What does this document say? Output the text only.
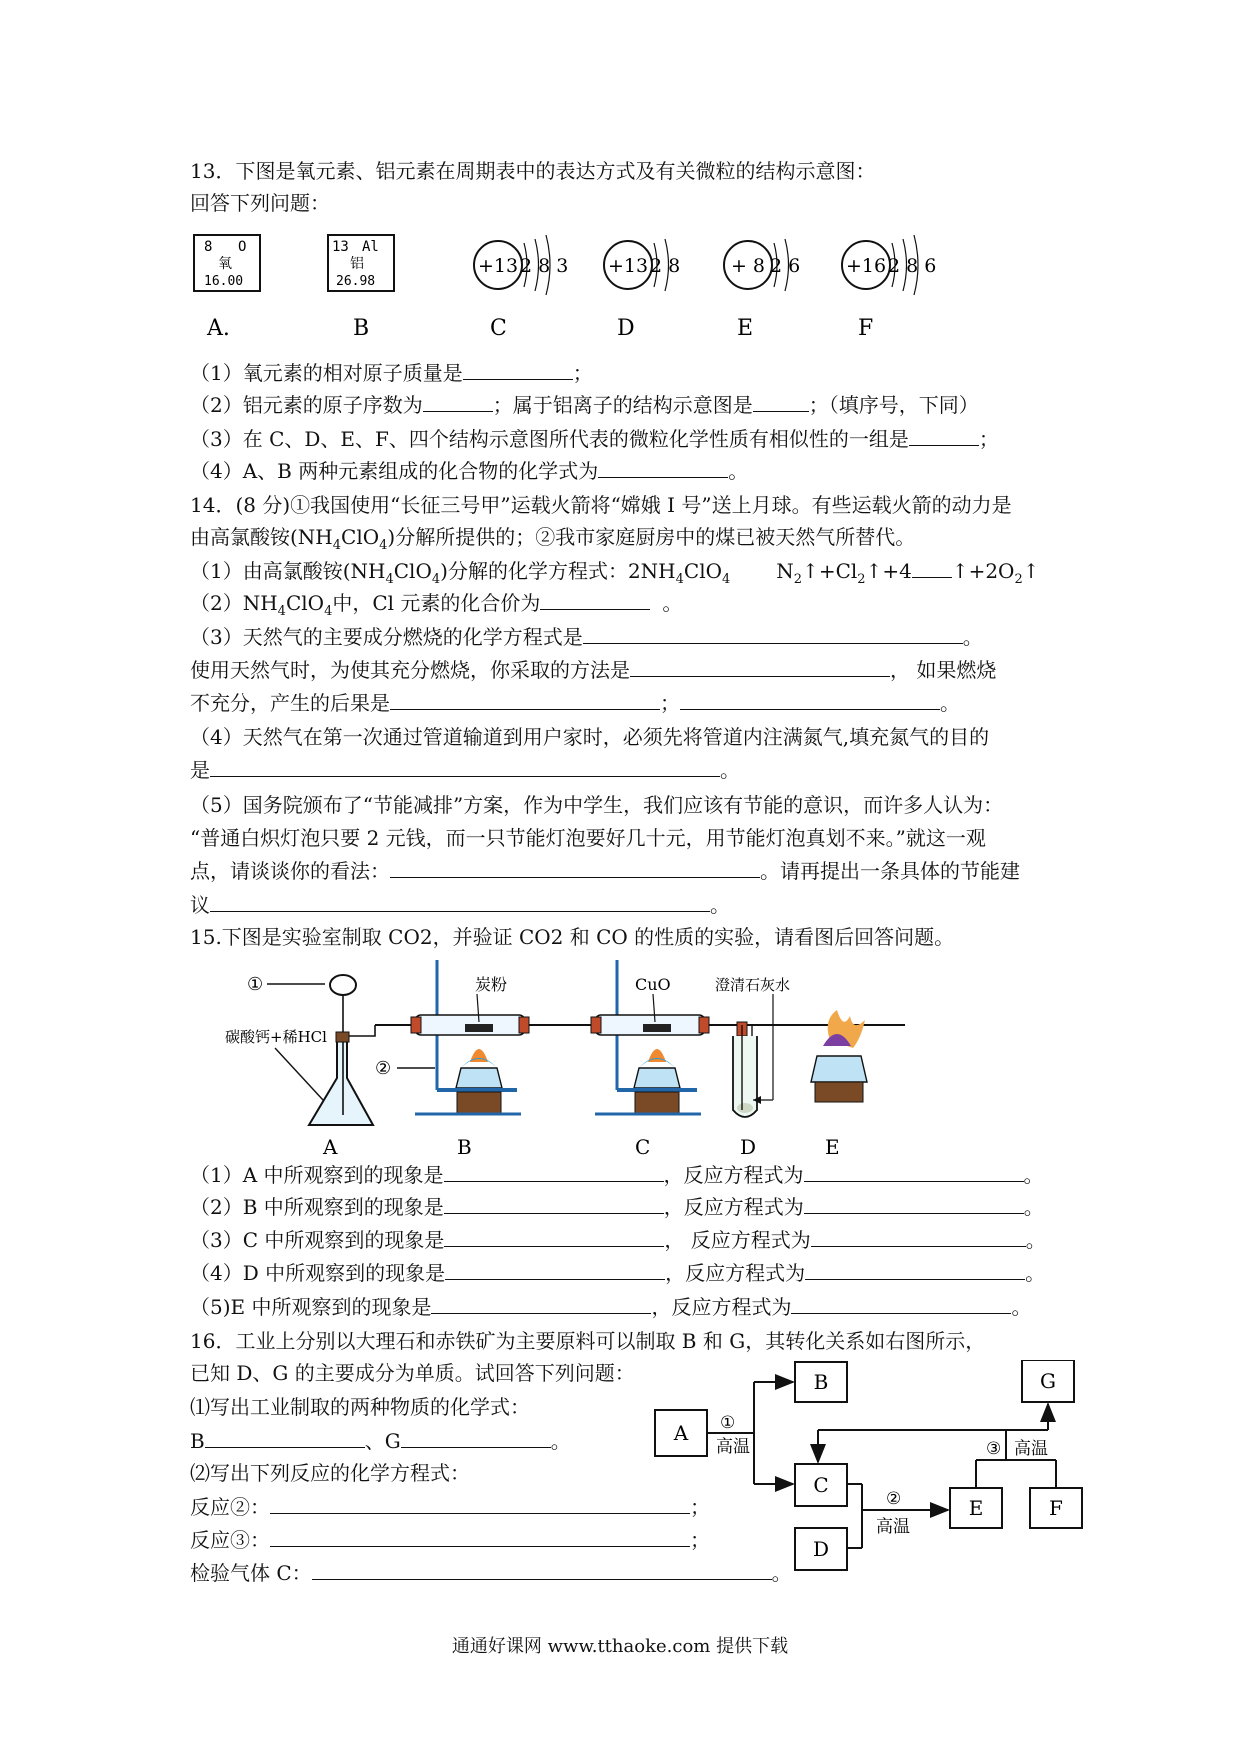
13．下图是氧元素、铝元素在周期表中的表达方式及有关微粒的结构示意图：
回答下列问题：
8 O
氧
16.00
13 Al
铝
26.98
+13 2 8 3 +13 2 8	+ 8 2 6 +16 2 8 6
A.	B	C	D	E	F
（1）氧元素的相对原子质量是	；
（2）铝元素的原子序数为	；属于铝离子的结构示意图是	；（填序号，下同）
（3）在 C、D、E、F、四个结构示意图所代表的微粒化学性质有相似性的一组是	；
（4）A、B 两种元素组成的化合物的化学式为	。
14．(8 分)①我国使用“长征三号甲”运载火箭将“嫦娥 I 号”送上月球。有些运载火箭的动力是
由高氯酸铵$(NH_4ClO_4)$分解所提供的；②我市家庭厨房中的煤已被天然气所替代。
（1）由高氯酸铵$(NH_4ClO_4)$分解的化学方程式：$2NH_4ClO_4$ $N_2↑+Cl_2↑+4$ $↑+2O_2↑$
$(2)NH_4ClO_4$中，Cl 元素的化合价为	。
（3）天然气的主要成分燃烧的化学方程式是	。
使用天然气时，为使其充分燃烧，你采取的方法是	， 如果燃烧
不充分，产生的后果是	；	。
（4）天然气在第一次通过管道输道到用户家时，必须先将管道内注满氮气,填充氮气的目的
是	。
（5）国务院颁布了“节能减排”方案，作为中学生，我们应该有节能的意识，而许多人认为：
“普通白炽灯泡只要 2 元钱，而一只节能灯泡要好几十元，用节能灯泡真划不来。”就这一观
点，请谈谈你的看法：	。请再提出一条具体的节能建
议	。
15.下图是实验室制取 CO2，并验证 CO2 和 CO 的性质的实验，请看图后回答问题。
①
碳酸钙+稀HCl
炭粉
②
CuO	澄清石灰水
A	B	C	D	E
（1）A 中所观察到的现象是	，反应方程式为	。
（2）B 中所观察到的现象是	，反应方程式为	。
（3）C 中所观察到的现象是	， 反应方程式为	。
（4）D 中所观察到的现象是	，反应方程式为	。
（5)E 中所观察到的现象是	，反应方程式为	。
16．工业上分别以大理石和赤铁矿为主要原料可以制取 B 和 G，其转化关系如右图所示，
已知 D、G 的主要成分为单质。试回答下列问题：
⑴写出工业制取的两种物质的化学式：
B	、G	。
⑵写出下列反应的化学方程式：
反应②：	；
反应③：	；
检验气体 C：	。
A
B
C
D
E	F
G
①
高温
②
高温
③ 高温
通通好课网 www.tthaoke.com 提供下载
